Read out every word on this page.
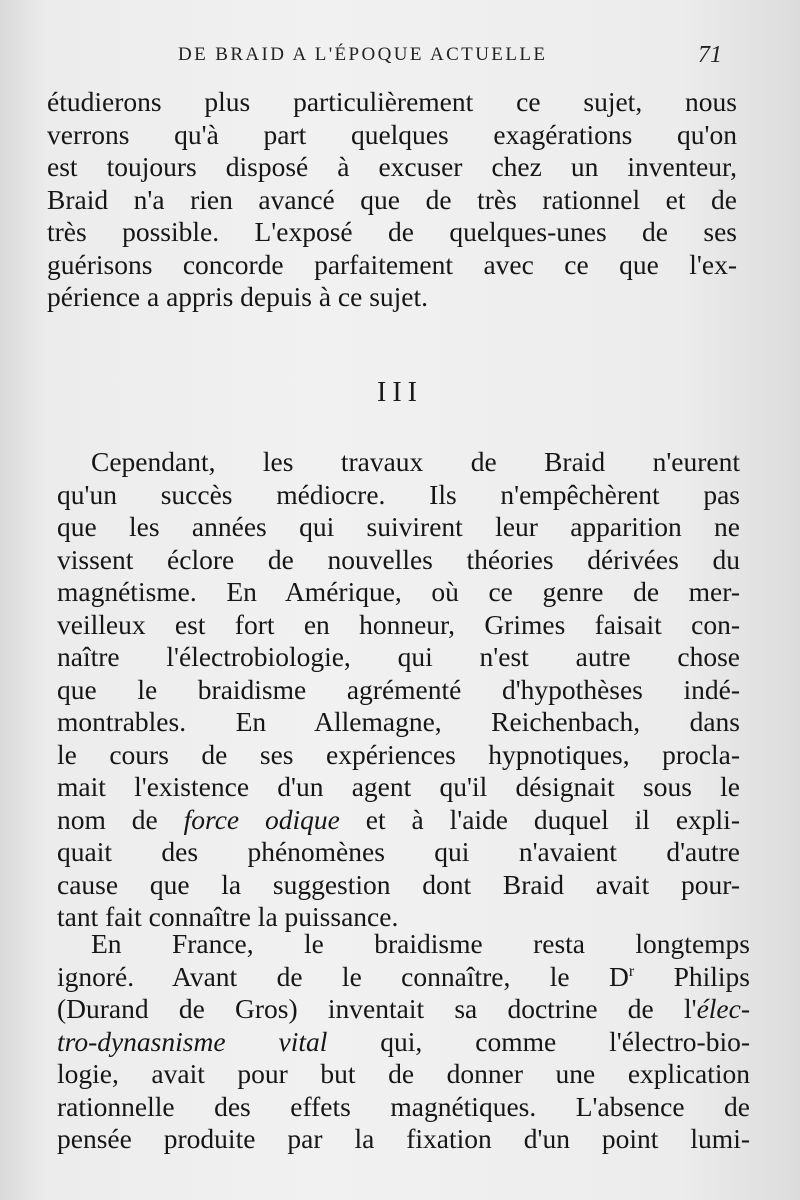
DE BRAID A L'ÉPOQUE ACTUELLE	71
étudierons plus particulièrement ce sujet, nous
verrons qu'à part quelques exagérations qu'on
est toujours disposé à excuser chez un inventeur,
Braid n'a rien avancé que de très rationnel et de
très possible. L'exposé de quelques-unes de ses
guérisons concorde parfaitement avec ce que l'ex-
périence a appris depuis à ce sujet.
III
Cependant, les travaux de Braid n'eurent
qu'un succès médiocre. Ils n'empêchèrent pas
que les années qui suivirent leur apparition ne
vissent éclore de nouvelles théories dérivées du
magnétisme. En Amérique, où ce genre de mer-
veilleux est fort en honneur, Grimes faisait con-
naître l'électrobiologie, qui n'est autre chose
que le braidisme agrémenté d'hypothèses indé-
montrables. En Allemagne, Reichenbach, dans
le cours de ses expériences hypnotiques, procla-
mait l'existence d'un agent qu'il désignait sous le
nom de force odique et à l'aide duquel il expli-
quait des phénomènes qui n'avaient d'autre
cause que la suggestion dont Braid avait pour-
tant fait connaître la puissance.
En France, le braidisme resta longtemps
ignoré. Avant de le connaître, le $D^r$ Philips
(Durand de Gros) inventait sa doctrine de l'élec-
tro-dynasnisme vital qui, comme l'électro-bio-
logie, avait pour but de donner une explication
rationnelle des effets magnétiques. L'absence de
pensée produite par la fixation d'un point lumi-
